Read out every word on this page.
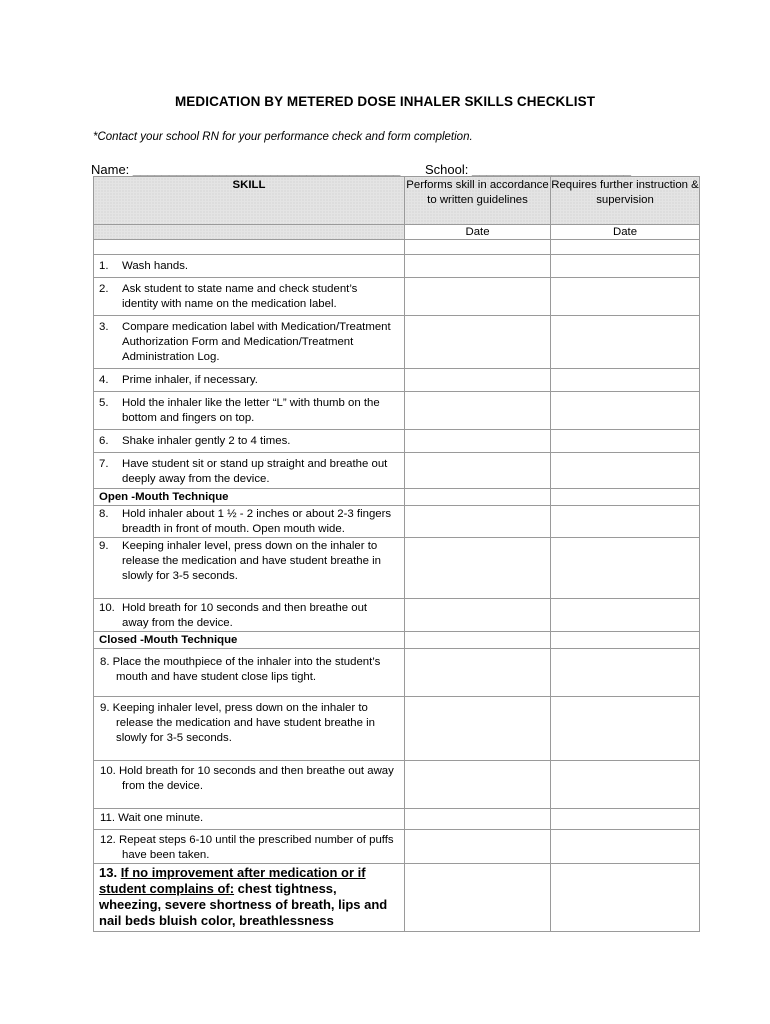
MEDICATION BY METERED DOSE INHALER SKILLS CHECKLIST
*Contact your school RN for your performance check and form completion.
Name: _____________________________________ School: ______________________
SKILL	Performs skill in accordance to written guidelines	Requires further instruction & supervision
	Date	Date

1. Wash hands.		

2. Ask student to state name and check student’s identity with name on the medication label.		

3. Compare medication label with Medication/Treatment Authorization Form and Medication/Treatment Administration Log.		

4. Prime inhaler, if necessary.		

5. Hold the inhaler like the letter “L” with thumb on the bottom and fingers on top.		

6. Shake inhaler gently 2 to 4 times.		

7. Have student sit or stand up straight and breathe out deeply away from the device.		

Open -Mouth Technique		

8. Hold inhaler about 1 ½ - 2 inches or about 2-3 fingers breadth in front of mouth. Open mouth wide.		

9. Keeping inhaler level, press down on the inhaler to release the medication and have student breathe in slowly for 3-5 seconds.		

10. Hold breath for 10 seconds and then breathe out away from the device.		

Closed -Mouth Technique		

8. Place the mouthpiece of the inhaler into the student’s mouth and have student close lips tight.		

9. Keeping inhaler level, press down on the inhaler to release the medication and have student breathe in slowly for 3-5 seconds.		

10. Hold breath for 10 seconds and then breathe out away from the device.		

11. Wait one minute.		

12. Repeat steps 6-10 until the prescribed number of puffs have been taken.		

13. If no improvement after medication or if student complains of: chest tightness, wheezing, severe shortness of breath, lips and nail beds bluish color, breathlessness		
